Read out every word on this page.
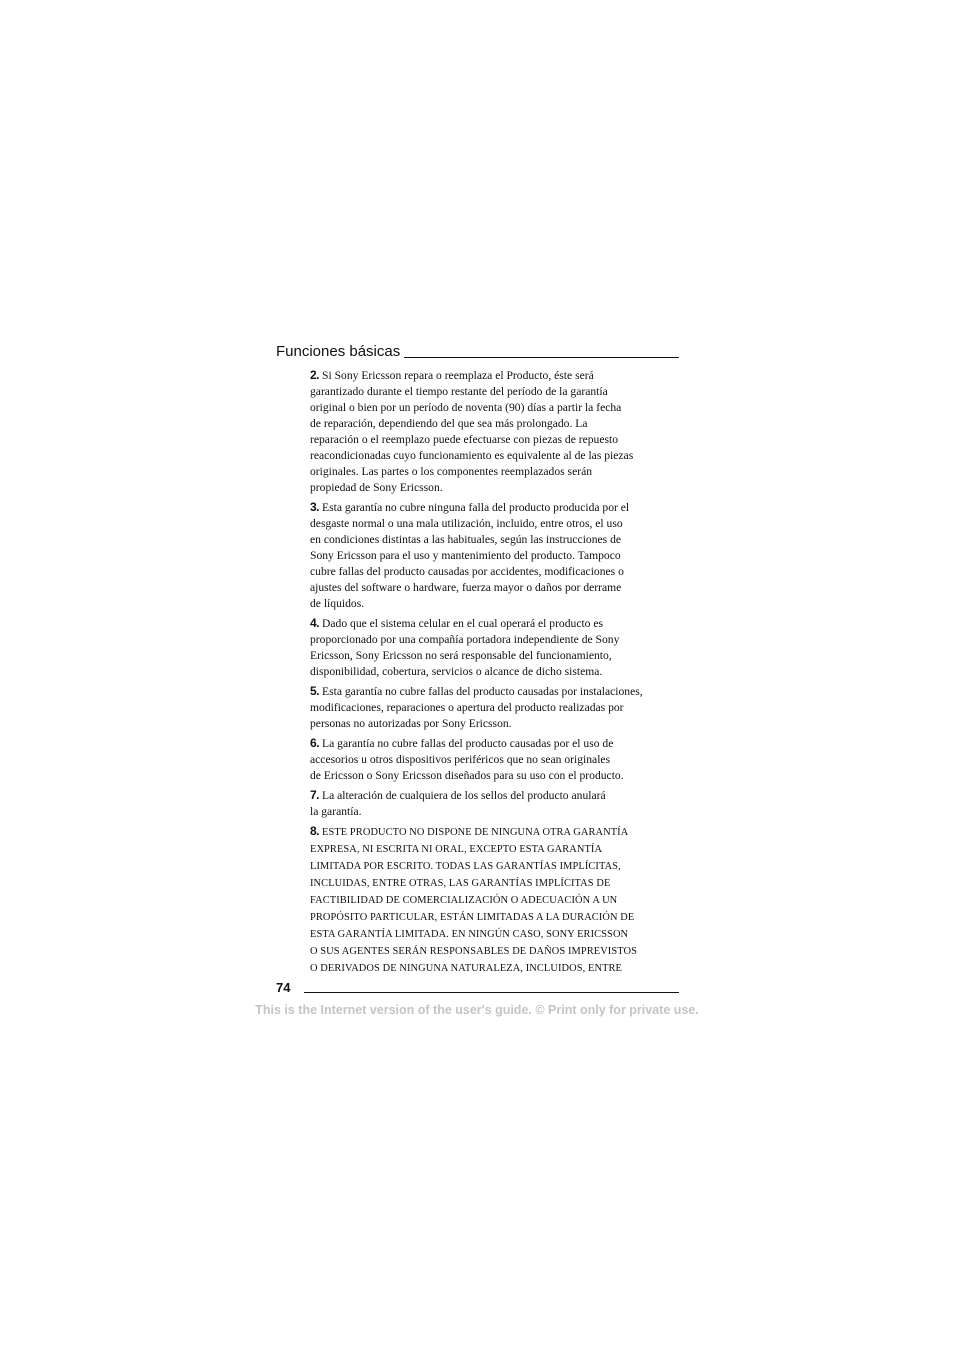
Funciones básicas

2. Si Sony Ericsson repara o reemplaza el Producto, éste será
garantizado durante el tiempo restante del período de la garantía
original o bien por un período de noventa (90) días a partir la fecha
de reparación, dependiendo del que sea más prolongado. La
reparación o el reemplazo puede efectuarse con piezas de repuesto
reacondicionadas cuyo funcionamiento es equivalente al de las piezas
originales. Las partes o los componentes reemplazados serán
propiedad de Sony Ericsson.

3. Esta garantía no cubre ninguna falla del producto producida por el
desgaste normal o una mala utilización, incluido, entre otros, el uso
en condiciones distintas a las habituales, según las instrucciones de
Sony Ericsson para el uso y mantenimiento del producto. Tampoco
cubre fallas del producto causadas por accidentes, modificaciones o
ajustes del software o hardware, fuerza mayor o daños por derrame
de líquidos.

4. Dado que el sistema celular en el cual operará el producto es
proporcionado por una compañía portadora independiente de Sony
Ericsson, Sony Ericsson no será responsable del funcionamiento,
disponibilidad, cobertura, servicios o alcance de dicho sistema.

5. Esta garantía no cubre fallas del producto causadas por instalaciones,
modificaciones, reparaciones o apertura del producto realizadas por
personas no autorizadas por Sony Ericsson.

6. La garantía no cubre fallas del producto causadas por el uso de
accesorios u otros dispositivos periféricos que no sean originales
de Ericsson o Sony Ericsson diseñados para su uso con el producto.

7. La alteración de cualquiera de los sellos del producto anulará
la garantía.

8. ESTE PRODUCTO NO DISPONE DE NINGUNA OTRA GARANTÍA
EXPRESA, NI ESCRITA NI ORAL, EXCEPTO ESTA GARANTÍA
LIMITADA POR ESCRITO. TODAS LAS GARANTÍAS IMPLÍCITAS,
INCLUIDAS, ENTRE OTRAS, LAS GARANTÍAS IMPLÍCITAS DE
FACTIBILIDAD DE COMERCIALIZACIÓN O ADECUACIÓN A UN
PROPÓSITO PARTICULAR, ESTÁN LIMITADAS A LA DURACIÓN DE
ESTA GARANTÍA LIMITADA. EN NINGÚN CASO, SONY ERICSSON
O SUS AGENTES SERÁN RESPONSABLES DE DAÑOS IMPREVISTOS
O DERIVADOS DE NINGUNA NATURALEZA, INCLUIDOS, ENTRE

74
This is the Internet version of the user's guide. © Print only for private use.
